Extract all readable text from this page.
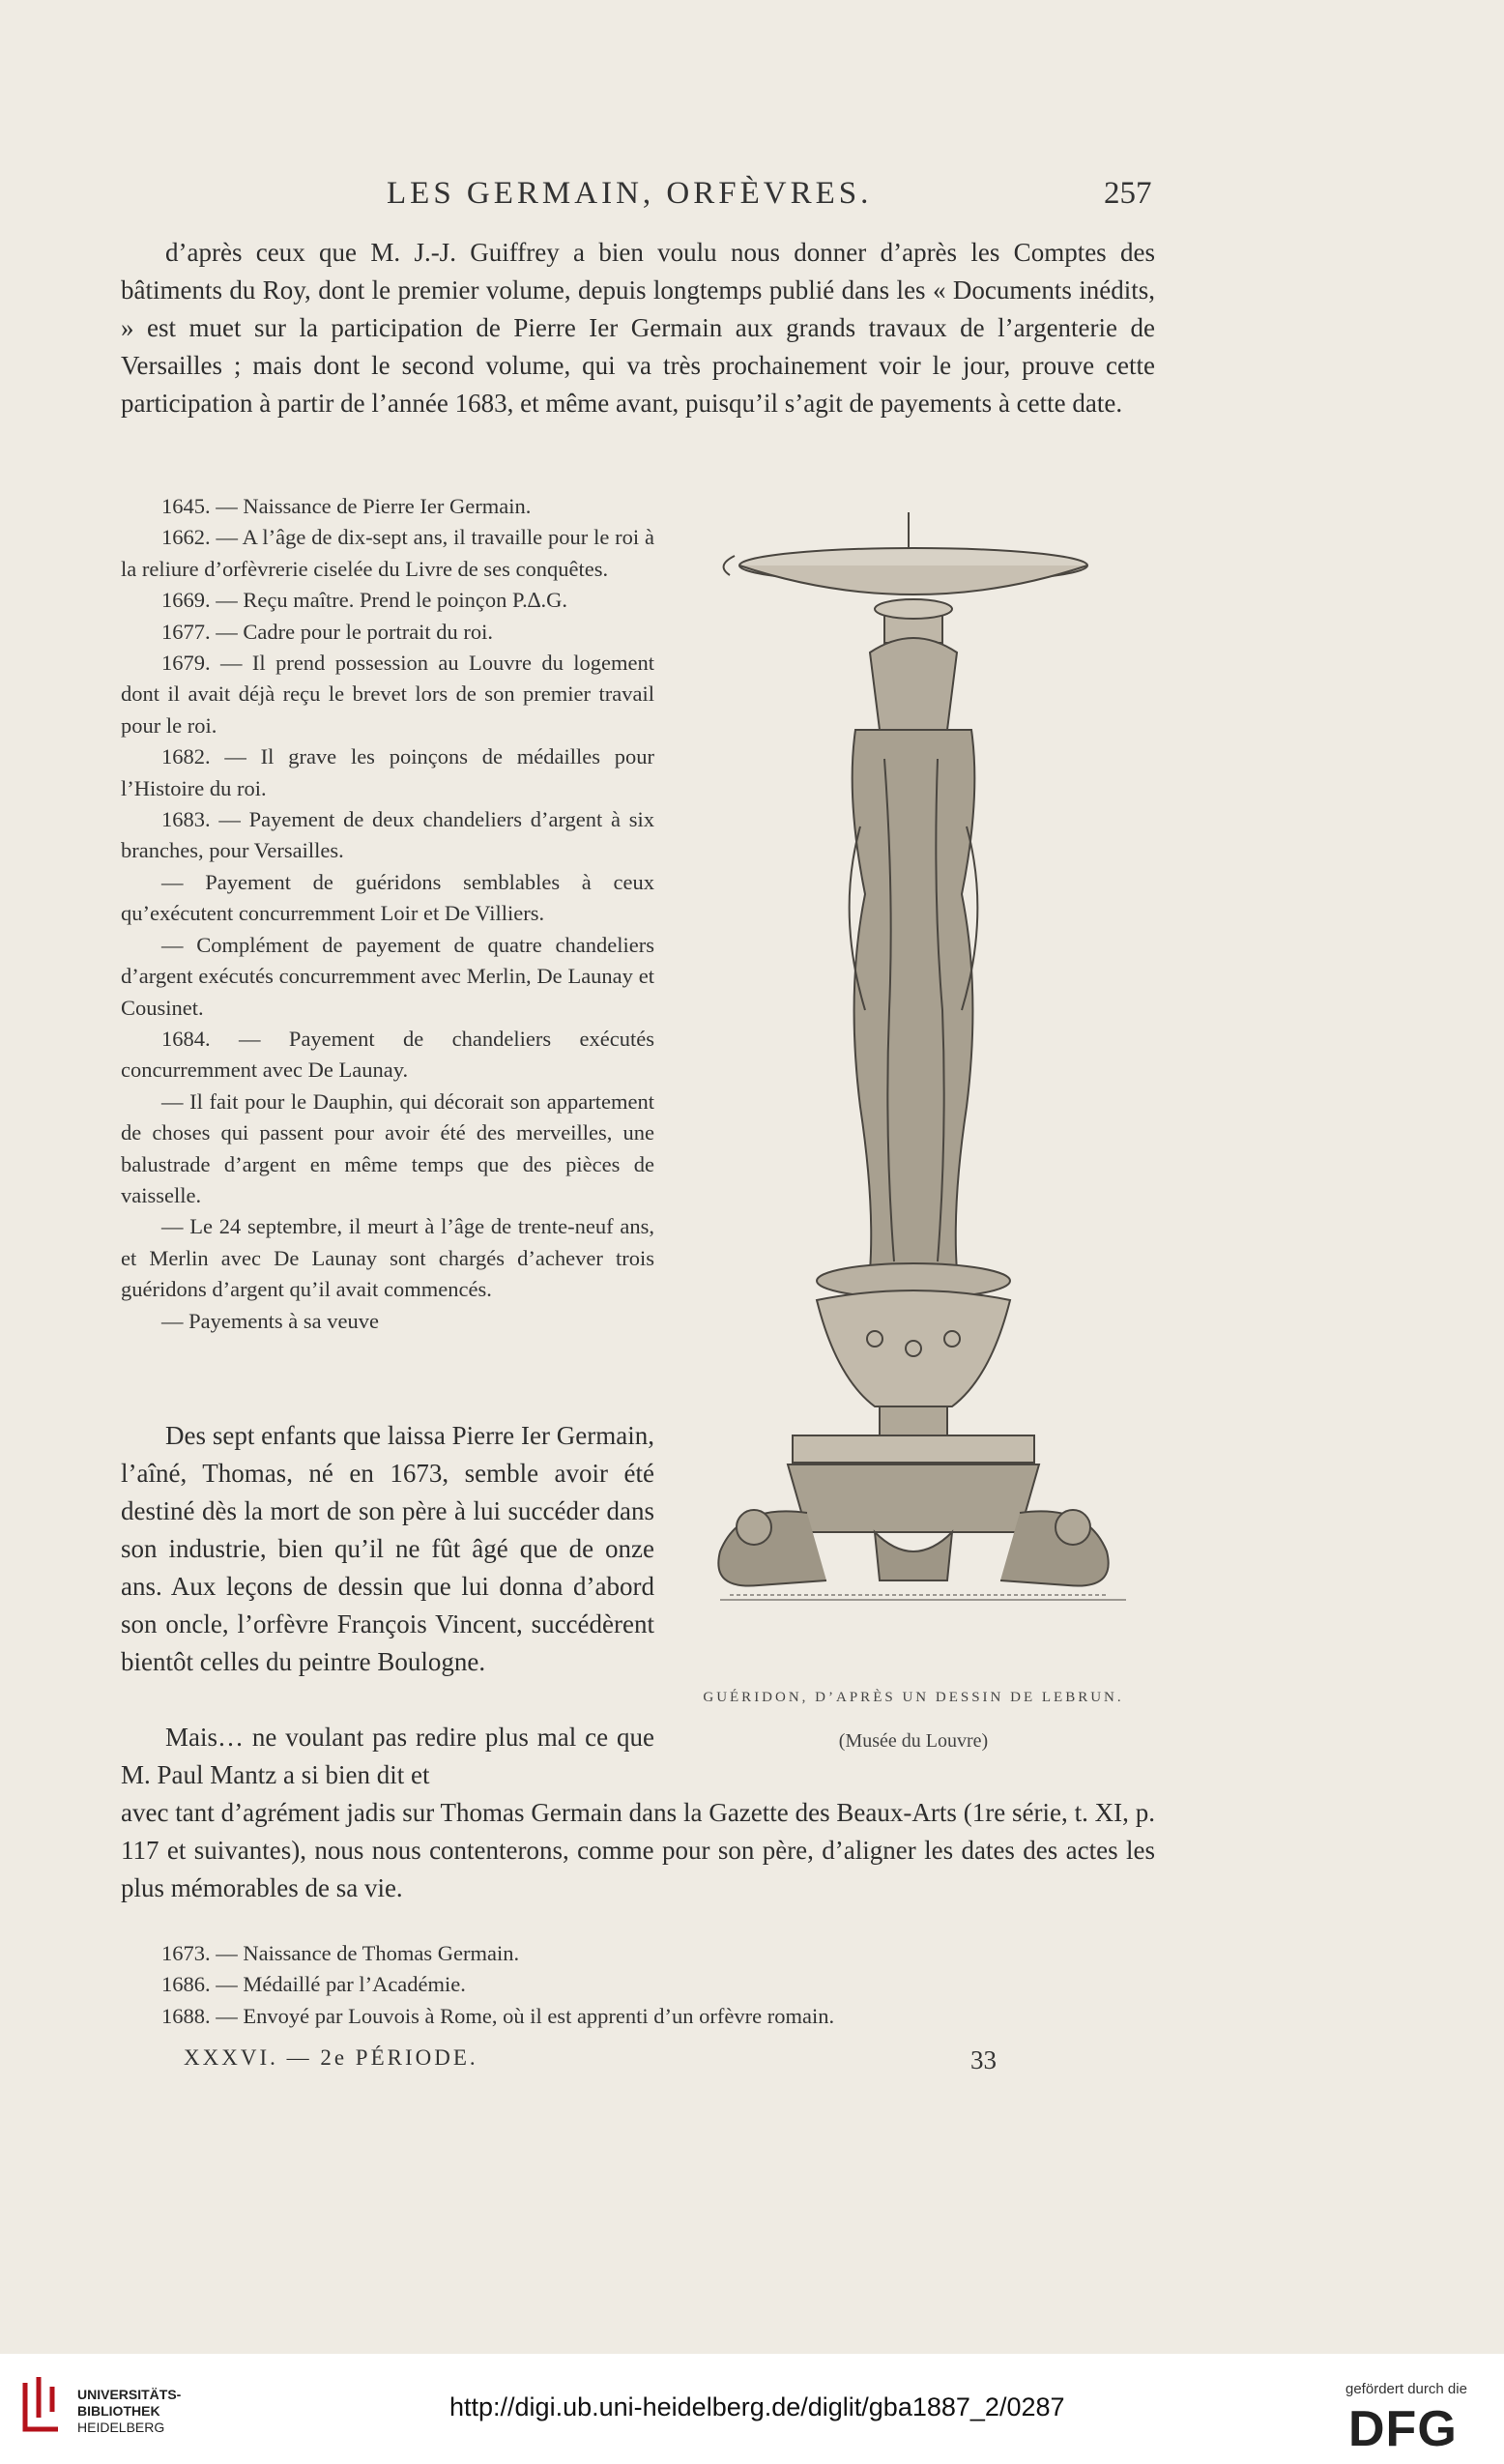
LES GERMAIN, ORFÈVRES.	257

d’après ceux que M. J.-J. Guiffrey a bien voulu nous donner d’après les Comptes des bâtiments du Roy, dont le premier volume, depuis longtemps publié dans les « Documents inédits, » est muet sur la participation de Pierre Ier Germain aux grands travaux de l’argenterie de Versailles ; mais dont le second volume, qui va très prochainement voir le jour, prouve cette participation à partir de l’année 1683, et même avant, puisqu’il s’agit de payements à cette date.

1645. — Naissance de Pierre Ier Germain.

1662. — A l’âge de dix-sept ans, il travaille pour le roi à la reliure d’orfèvrerie ciselée du Livre de ses conquêtes.

1669. — Reçu maître. Prend le poinçon P.∆.G.

1677. — Cadre pour le portrait du roi.

1679. — Il prend possession au Louvre du logement dont il avait déjà reçu le brevet lors de son premier travail pour le roi.

1682. — Il grave les poinçons de médailles pour l’Histoire du roi.

1683. — Payement de deux chandeliers d’argent à six branches, pour Versailles.

— Payement de guéridons semblables à ceux qu’exécutent concurremment Loir et De Villiers.

— Complément de payement de quatre chandeliers d’argent exécutés concurremment avec Merlin, De Launay et Cousinet.

1684. — Payement de chandeliers exécutés concurremment avec De Launay.

— Il fait pour le Dauphin, qui décorait son appartement de choses qui passent pour avoir été des merveilles, une balustrade d’argent en même temps que des pièces de vaisselle.

— Le 24 septembre, il meurt à l’âge de trente-neuf ans, et Merlin avec De Launay sont chargés d’achever trois guéridons d’argent qu’il avait commencés.

— Payements à sa veuve

Des sept enfants que laissa Pierre Ier Germain, l’aîné, Thomas, né en 1673, semble avoir été destiné dès la mort de son père à lui succéder dans son industrie, bien qu’il ne fût âgé que de onze ans. Aux leçons de dessin que lui donna d’abord son oncle, l’orfèvre François Vincent, succédèrent bientôt celles du peintre Boulogne.

Mais… ne voulant pas redire plus mal ce que M. Paul Mantz a si bien dit et

avec tant d’agrément jadis sur Thomas Germain dans la Gazette des Beaux-Arts (1re série, t. XI, p. 117 et suivantes), nous nous contenterons, comme pour son père, d’aligner les dates des actes les plus mémorables de sa vie.

1673. — Naissance de Thomas Germain.

1686. — Médaillé par l’Académie.

1688. — Envoyé par Louvois à Rome, où il est apprenti d’un orfèvre romain.

GUÉRIDON, D’APRÈS UN DESSIN DE LEBRUN.
(Musée du Louvre)
XXXVI. — 2e PÉRIODE.	33
UNIVERSITÄTS-
BIBLIOTHEK
HEIDELBERG
http://digi.ub.uni-heidelberg.de/diglit/gba1887_2/0287
gefördert durch die
DFG
